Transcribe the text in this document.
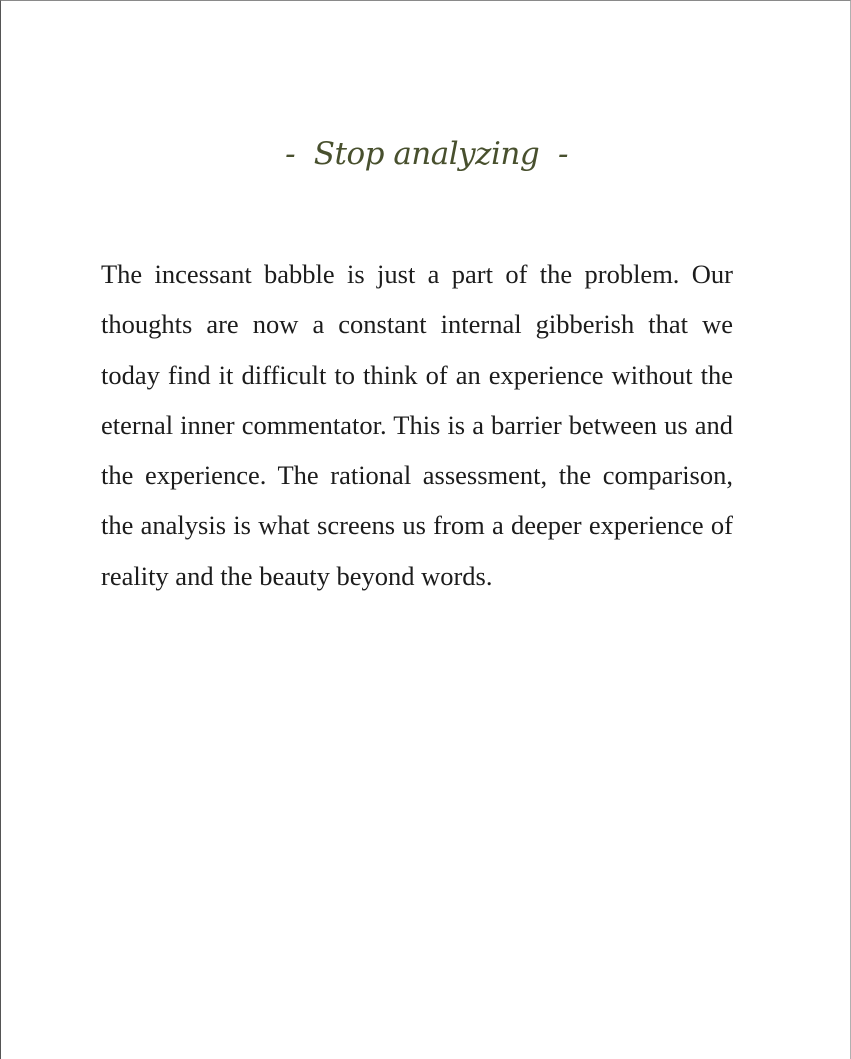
-  Stop analyzing  -

The incessant babble is just a part of the problem. Our thoughts are now a constant internal gibberish that we today find it difficult to think of an experience without the eternal inner commentator. This is a barrier between us and the experience. The rational assessment, the comparison, the analysis is what screens us from a deeper experience of reality and the beauty beyond words.
